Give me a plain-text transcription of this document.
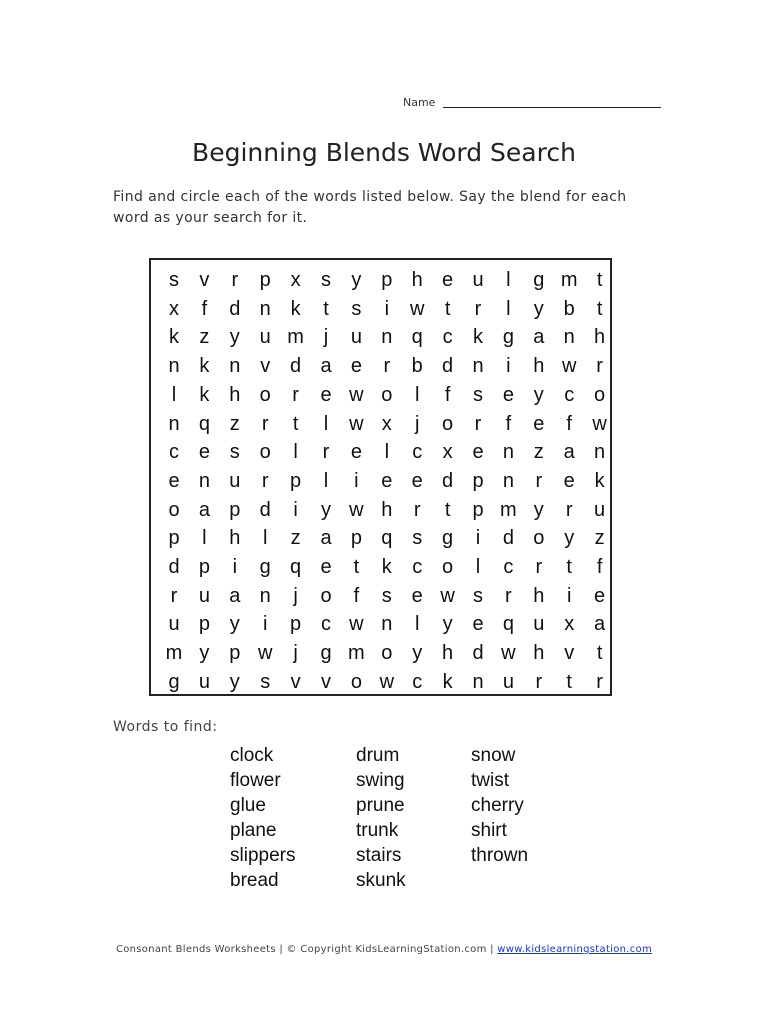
Name
Beginning Blends Word Search
Find and circle each of the words listed below. Say the blend for each word as your search for it.
s	v	r	p x	s	y p h e u	l	g m t
x	f	d n k	t	s	i	w	t	r	l	y b	t
k	z	y u m j	u n q c	k g a n h
n k n v d a e	r	b d n	i	h w r
l	k h o	r	e w o	l	f	s e y	c o
n q z	r	t	l	w x	j	o	r	f	e	f	w
c e s o	l	r	e	l	c	x e n z a n
e n u	r	p	l	i	e e d p n	r	e k
o a p d	i	y w h	r	t	p m y	r	u
p	l	h	l	z a p q s g	i	d o y	z
d p	i	g q e	t	k	c o	l	c	r	t	f
r	u a n	j	o	f	s e w s	r	h	i	e
u p y	i	p c w n	l	y e q u x a
m y p w	j	g m o y h d w h v	t
g u y	s	v	v o w c	k n u	r	t	r
Words to find:
clock
flower
glue
plane
slippers
bread
drum
swing
prune
trunk
stairs
skunk
snow
twist
cherry
shirt
thrown
Consonant Blends Worksheets | © Copyright KidsLearningStation.com | www.kidslearningstation.com
